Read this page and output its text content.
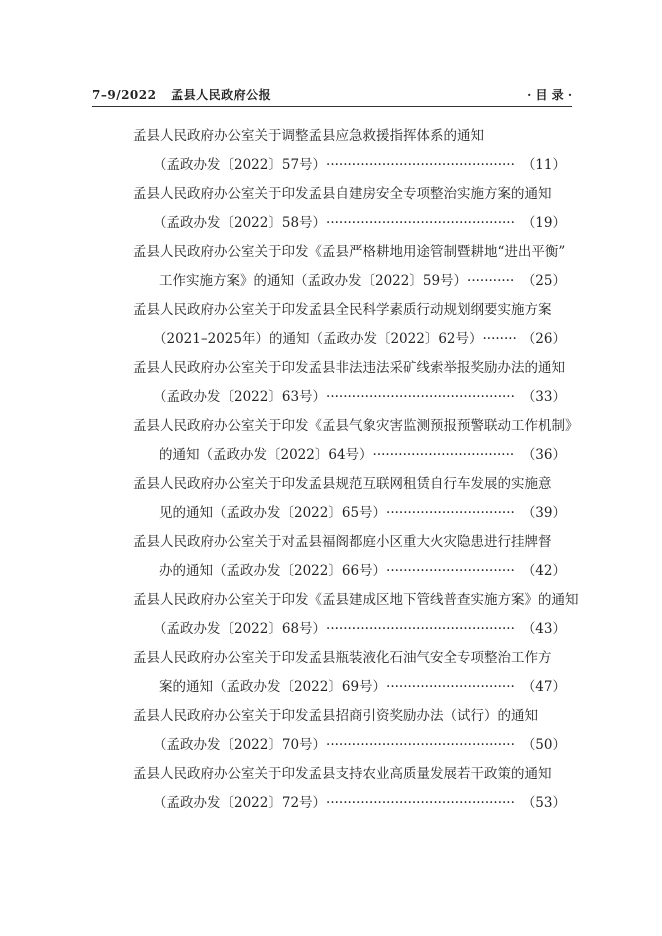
7–9/2022 孟县人民政府公报	· 目 录 ·
孟县人民政府办公室关于调整孟县应急救援指挥体系的通知
（孟政办发〔2022〕57号） ············································ （11）
孟县人民政府办公室关于印发孟县自建房安全专项整治实施方案的通知
（孟政办发〔2022〕58号） ············································ （19）
孟县人民政府办公室关于印发《孟县严格耕地用途管制暨耕地“进出平衡”
工作实施方案》的通知（孟政办发〔2022〕59号） ··········· （25）
孟县人民政府办公室关于印发孟县全民科学素质行动规划纲要实施方案
（2021–2025年）的通知（孟政办发〔2022〕62号） ········ （26）
孟县人民政府办公室关于印发孟县非法违法采矿线索举报奖励办法的通知
（孟政办发〔2022〕63号） ············································ （33）
孟县人民政府办公室关于印发《孟县气象灾害监测预报预警联动工作机制》
的通知（孟政办发〔2022〕64号） ································· （36）
孟县人民政府办公室关于印发孟县规范互联网租赁自行车发展的实施意
见的通知（孟政办发〔2022〕65号） ······························ （39）
孟县人民政府办公室关于对孟县福阁都庭小区重大火灾隐患进行挂牌督
办的通知（孟政办发〔2022〕66号） ······························ （42）
孟县人民政府办公室关于印发《孟县建成区地下管线普查实施方案》的通知
（孟政办发〔2022〕68号） ············································ （43）
孟县人民政府办公室关于印发孟县瓶装液化石油气安全专项整治工作方
案的通知（孟政办发〔2022〕69号） ······························ （47）
孟县人民政府办公室关于印发孟县招商引资奖励办法（试行）的通知
（孟政办发〔2022〕70号） ············································ （50）
孟县人民政府办公室关于印发孟县支持农业高质量发展若干政策的通知
（孟政办发〔2022〕72号） ············································ （53）
